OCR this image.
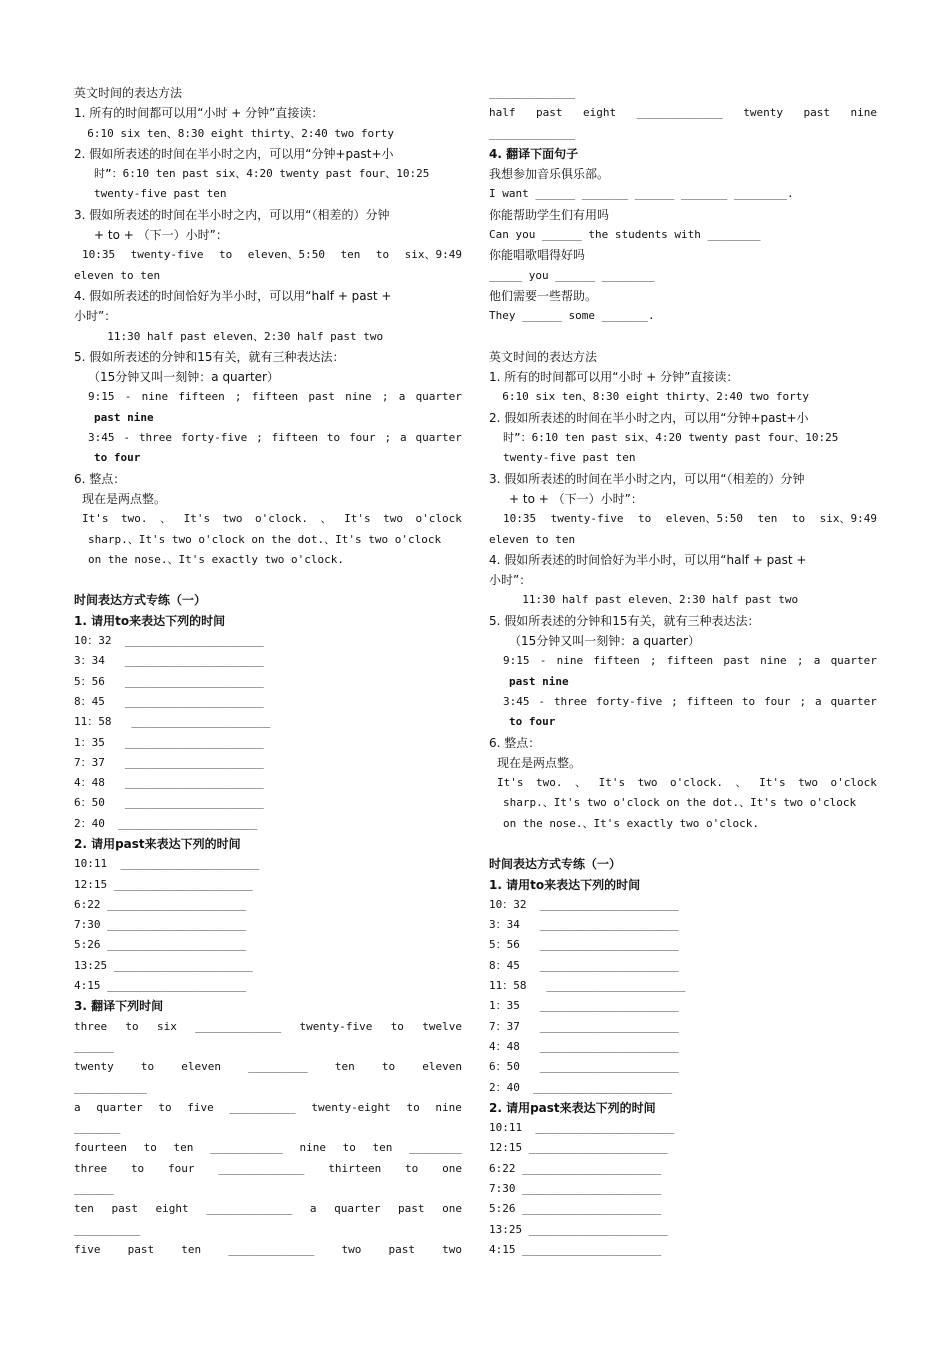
英文时间的表达方法
1. 所有的时间都可以用“小时 + 分钟”直接读：
6:10 six ten、8:30 eight thirty、2:40 two forty
2. 假如所表述的时间在半小时之内，可以用“分钟+past+小
时”：6:10 ten past six、4:20 twenty past four、10:25
twenty-five past ten
3. 假如所表述的时间在半小时之内，可以用“（相差的）分钟
+ to + （下一）小时”：
10:35 twenty-five to eleven、5:50 ten to six、9:49
eleven to ten
4. 假如所表述的时间恰好为半小时，可以用“half + past +
小时”：
11:30 half past eleven、2:30 half past two
5. 假如所表述的分钟和15有关，就有三种表达法：
（15分钟又叫一刻钟：a quarter）
9:15 - nine fifteen ; fifteen past nine ; a quarter
past nine
3:45 - three forty-five ; fifteen to four ; a quarter
to four
6. 整点：
现在是两点整。
It's two. 、 It's two o'clock. 、 It's two o'clock
sharp.、It's two o'clock on the dot.、It's two o'clock
on the nose.、It's exactly two o'clock.
时间表达方式专练（一）
1. 请用to来表达下列的时间
10：32  _____________________
3：34   _____________________
5：56   _____________________
8：45   _____________________
11：58   _____________________
1：35   _____________________
7：37   _____________________
4：48   _____________________
6：50   _____________________
2：40  _____________________
2. 请用past来表达下列的时间
10:11  _____________________
12:15 _____________________
6:22 _____________________
7:30 _____________________
5:26 _____________________
13:25 _____________________
4:15 _____________________
3. 翻译下列时间
three to six _____________ twenty-five to twelve
______
twenty to eleven _________ ten to eleven
___________
a quarter to five __________ twenty-eight to nine
_______
fourteen to ten ___________ nine to ten ________
three to four _____________ thirteen to one
______
ten past eight _____________ a quarter past one
__________
five past ten _____________ two past two
_____________
half past eight _____________ twenty past nine
_____________
4. 翻译下面句子
我想参加音乐俱乐部。
I want ______ _______ ______ _______ ________.
你能帮助学生们有用吗
Can you ______ the students with ________
你能唱歌唱得好吗
_____ you ______ ________
他们需要一些帮助。
They ______ some _______.
英文时间的表达方法
1. 所有的时间都可以用“小时 + 分钟”直接读：
6:10 six ten、8:30 eight thirty、2:40 two forty
2. 假如所表述的时间在半小时之内，可以用“分钟+past+小
时”：6:10 ten past six、4:20 twenty past four、10:25
twenty-five past ten
3. 假如所表述的时间在半小时之内，可以用“（相差的）分钟
+ to + （下一）小时”：
10:35 twenty-five to eleven、5:50 ten to six、9:49
eleven to ten
4. 假如所表述的时间恰好为半小时，可以用“half + past +
小时”：
11:30 half past eleven、2:30 half past two
5. 假如所表述的分钟和15有关，就有三种表达法：
（15分钟又叫一刻钟：a quarter）
9:15 - nine fifteen ; fifteen past nine ; a quarter
past nine
3:45 - three forty-five ; fifteen to four ; a quarter
to four
6. 整点：
现在是两点整。
It's two. 、 It's two o'clock. 、 It's two o'clock
sharp.、It's two o'clock on the dot.、It's two o'clock
on the nose.、It's exactly two o'clock.
时间表达方式专练（一）
1. 请用to来表达下列的时间
10：32  _____________________
3：34   _____________________
5：56   _____________________
8：45   _____________________
11：58   _____________________
1：35   _____________________
7：37   _____________________
4：48   _____________________
6：50   _____________________
2：40  _____________________
2. 请用past来表达下列的时间
10:11  _____________________
12:15 _____________________
6:22 _____________________
7:30 _____________________
5:26 _____________________
13:25 _____________________
4:15 _____________________
